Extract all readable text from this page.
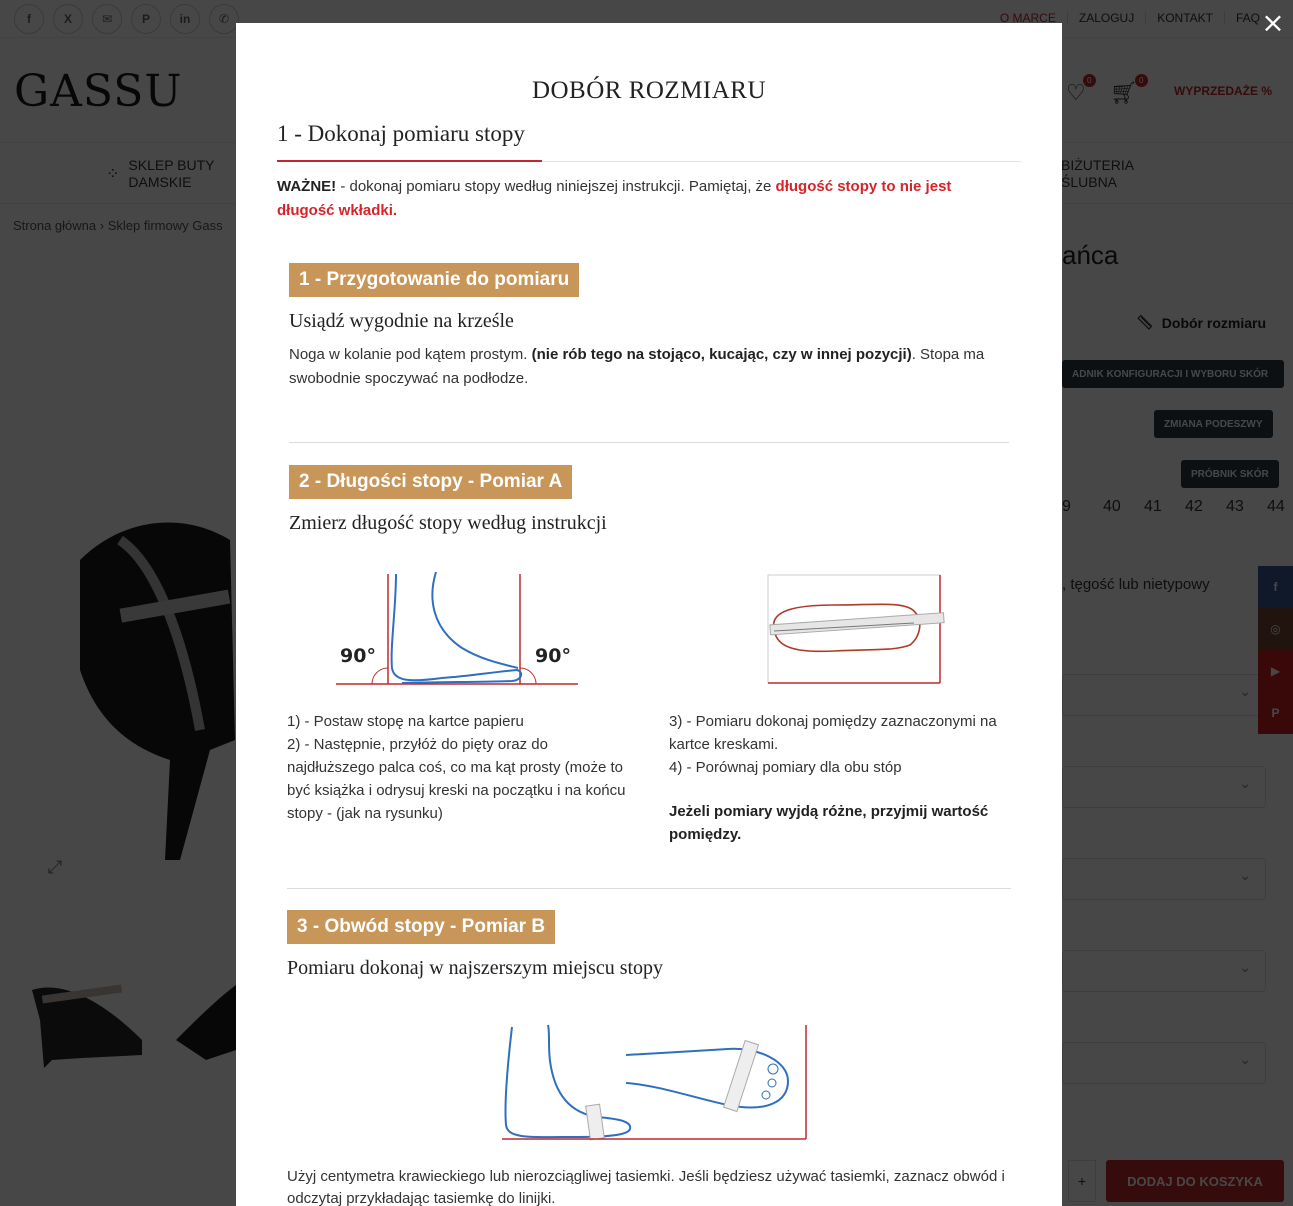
⌄
⌄
⌄
⌄
⌄
×
DOBÓR ROZMIARU
1 - Dokonaj pomiaru stopy
WAŻNE! - dokonaj pomiaru stopy według niniejszej instrukcji. Pamiętaj, że długość stopy to nie jest długość wkładki.
1 - Przygotowanie do pomiaru
Usiądź wygodnie na krześle
Noga w kolanie pod kątem prostym. (nie rób tego na stojąco, kucając, czy w innej pozycji). Stopa ma swobodnie spoczywać na podłodze.
2 - Długości stopy - Pomiar A
Zmierz długość stopy według instrukcji
90°	90°
1) - Postaw stopę na kartce papieru
2) - Następnie, przyłóż do pięty oraz do najdłuższego palca coś, co ma kąt prosty (może to być książka i odrysuj kreski na początku i na końcu stopy - (jak na rysunku)
3) - Pomiaru dokonaj pomiędzy zaznaczonymi na kartce kreskami.
4) - Porównaj pomiary dla obu stóp
Jeżeli pomiary wyjdą różne, przyjmij wartość pomiędzy.
3 - Obwód stopy - Pomiar B
Pomiaru dokonaj w najszerszym miejscu stopy
Użyj centymetra krawieckiego lub nierozciągliwej tasiemki. Jeśli będziesz używać tasiemki, zaznacz obwód i odczytaj przykładając tasiemkę do linijki.
